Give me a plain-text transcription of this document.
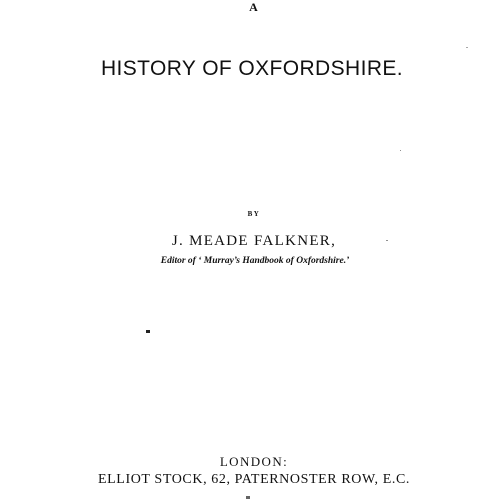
A
HISTORY OF OXFORDSHIRE.
BY
J. MEADE FALKNER,
Editor of ‘ Murray’s Handbook of Oxfordshire.’
LONDON:
ELLIOT STOCK, 62, PATERNOSTER ROW, E.C.
